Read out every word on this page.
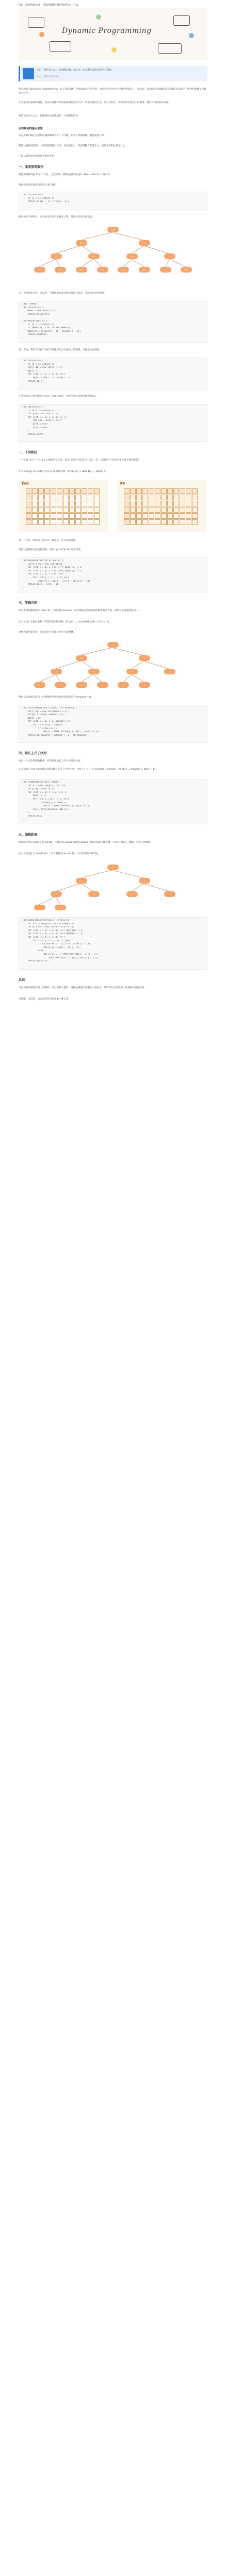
PS：文章代码较多，建议收藏后有时间再读，不急。
Dynamic Programming
来自「程序员小吴」，经授权转载，给大家一份完整的动态规划学习资料。
作者：程序员吴师兄
动态规划（Dynamic Programming，以下简称 DP）是算法面试中的常客，也是很多同学学习过程中的难点。一般来说，能用动态规划解决的问题都具有最优子结构和重叠子问题两个特性。
本文通过几道经典题目，由浅入深地介绍动态规划的思考方式：从暴力递归出发，加入记忆化，再改写成自底向上的递推，最后对空间进行压缩。
希望读完本文之后，你能够对动态规划有一个清晰的认识。
动态规划的基本思想
动态规划的核心是把原问题拆解成若干个子问题，记录子问题的解，避免重复计算。
解决动态规划问题，一般需要明确三件事：状态是什么、状态转移方程是什么、初始条件和边界是什么。
下面从最简单的斐波那契数列开始。
一、斐波那契数列
斐波那契数列由 0 和 1 开始，之后的每一项都是前两项之和：F(n) = F(n-1) + F(n-2)。
最直接的写法就是按照定义进行递归：
int fib(int n) {
if (n < 2) return n;
return fib(n - 1) + fib(n - 2);
}
递归树如下图所示，可以看出存在大量重复计算，时间复杂度为指数级。
f(5)
f(4)	f(3)
f(3)	f(2)	f(2)	f(1)
f(2)	f(1)	f(1)	f(0)	f(1)	f(0)	f(1)	f(0)
为了去掉重复计算，可以用一个数组把计算过的结果保存起来，这就是记忆化搜索。
int[] memo;
int fib(int n) {
memo = new int[n + 1];
return helper(n);
}
int helper(int n) {
if (n < 2) return n;
if (memo[n] != 0) return memo[n];
memo[n] = helper(n - 1) + helper(n - 2);
return memo[n];
}
进一步地，我们可以把自顶向下的递归改为自底向上的递推，这就是动态规划。
int fib(int n) {
if (n < 2) return n;
int[] dp = new int[n + 1];
dp[1] = 1;
for (int i = 2; i <= n; i++)
dp[i] = dp[i - 1] + dp[i - 2];
return dp[n];
}
注意到每次只用到前两个状态，因此可以进一步把空间复杂度优化到 O(1)。
int fib(int n) {
if (n < 2) return n;
int prev = 0, curr = 1;
for (int i = 2; i <= n; i++) {
int sum = prev + curr;
prev = curr;
curr = sum;
}
return curr;
}
二、不同路径
一个机器人位于一个 m x n 网格的左上角，每次只能向下或者向右移动一步，问到达右下角共有多少条不同的路径？
定义 dp[i][j] 表示从起点走到 (i, j) 的路径数，则 dp[i][j] = dp[i-1][j] + dp[i][j-1]。
初始化	填表
第一行与第一列的格子都只有一种走法，作为初始条件。
按照状态转移方程逐行填表，最后 dp[m-1][n-1] 即为答案。
int uniquePaths(int m, int n) {
int[][] dp = new int[m][n];
for (int i = 0; i < m; i++) dp[i][0] = 1;
for (int j = 0; j < n; j++) dp[0][j] = 1;
for (int i = 1; i < m; i++)
for (int j = 1; j < n; j++)
dp[i][j] = dp[i - 1][j] + dp[i][j - 1];
return dp[m - 1][n - 1];
}
三、零钱兑换
给定不同面额的硬币 coins 和一个总金额 amount，计算凑成总金额所需的最少硬币个数，如果无法凑成则返回 -1。
定义 dp[i] 为凑成金额 i 所需的最少硬币数，则 dp[i] = min(dp[i], dp[i - coin] + 1)。
同样先画出递归树，可以看到子问题之间有大量重叠。
11
10	9
6	9	8	5
8	7	4	5	4	1
利用记忆化或自底向上的递推即可把时间复杂度降到 O(amount * n)。
int coinChange(int[] coins, int amount) {
int[] dp = new int[amount + 1];
Arrays.fill(dp, amount + 1);
dp[0] = 0;
for (int i = 1; i <= amount; i++)
for (int coin : coins)
if (coin <= i)
dp[i] = Math.min(dp[i], dp[i - coin] + 1);
return dp[amount] > amount ? -1 : dp[amount];
}
四、最长上升子序列
给定一个无序的整数数组，找到其中最长上升子序列的长度。
定义 dp[i] 为以 nums[i] 结尾的最长上升子序列长度，对每个 j < i，若 nums[j] < nums[i]，则 dp[i] = max(dp[i], dp[j] + 1)。
int lengthOfLIS(int[] nums) {
int n = nums.length, res = 0;
int[] dp = new int[n];
for (int i = 0; i < n; i++) {
dp[i] = 1;
for (int j = 0; j < i; j++)
if (nums[j] < nums[i])
dp[i] = Math.max(dp[i], dp[j] + 1);
res = Math.max(res, dp[i]);
}
return res;
}
五、编辑距离
给你两个单词 word1 和 word2，计算出将 word1 转换成 word2 所使用的最少操作数。可以进行插入、删除、替换三种操作。
定义 dp[i][j] 为 word1 前 i 个字符转换到 word2 前 j 个字符的最少操作数。
5
4	3
0	3	2	-1
2	1
int minDistance(String a, String b) {
int m = a.length(), n = b.length();
int[][] dp = new int[m + 1][n + 1];
for (int i = 0; i <= m; i++) dp[i][0] = i;
for (int j = 0; j <= n; j++) dp[0][j] = j;
for (int i = 1; i <= m; i++)
for (int j = 1; j <= n; j++)
if (a.charAt(i - 1) == b.charAt(j - 1))
dp[i][j] = dp[i - 1][j - 1];
else
dp[i][j] = 1 + Math.min(dp[i - 1][j - 1],
Math.min(dp[i - 1][j], dp[i][j - 1]));
return dp[m][n];
}
总结
动态规划问题的套路大致相同：先写出暴力递归，再找出重叠子问题加入备忘录，最后改写为自底向上的递推并优化空间。
多做题、多总结，动态规划并没有想象中那么难。
